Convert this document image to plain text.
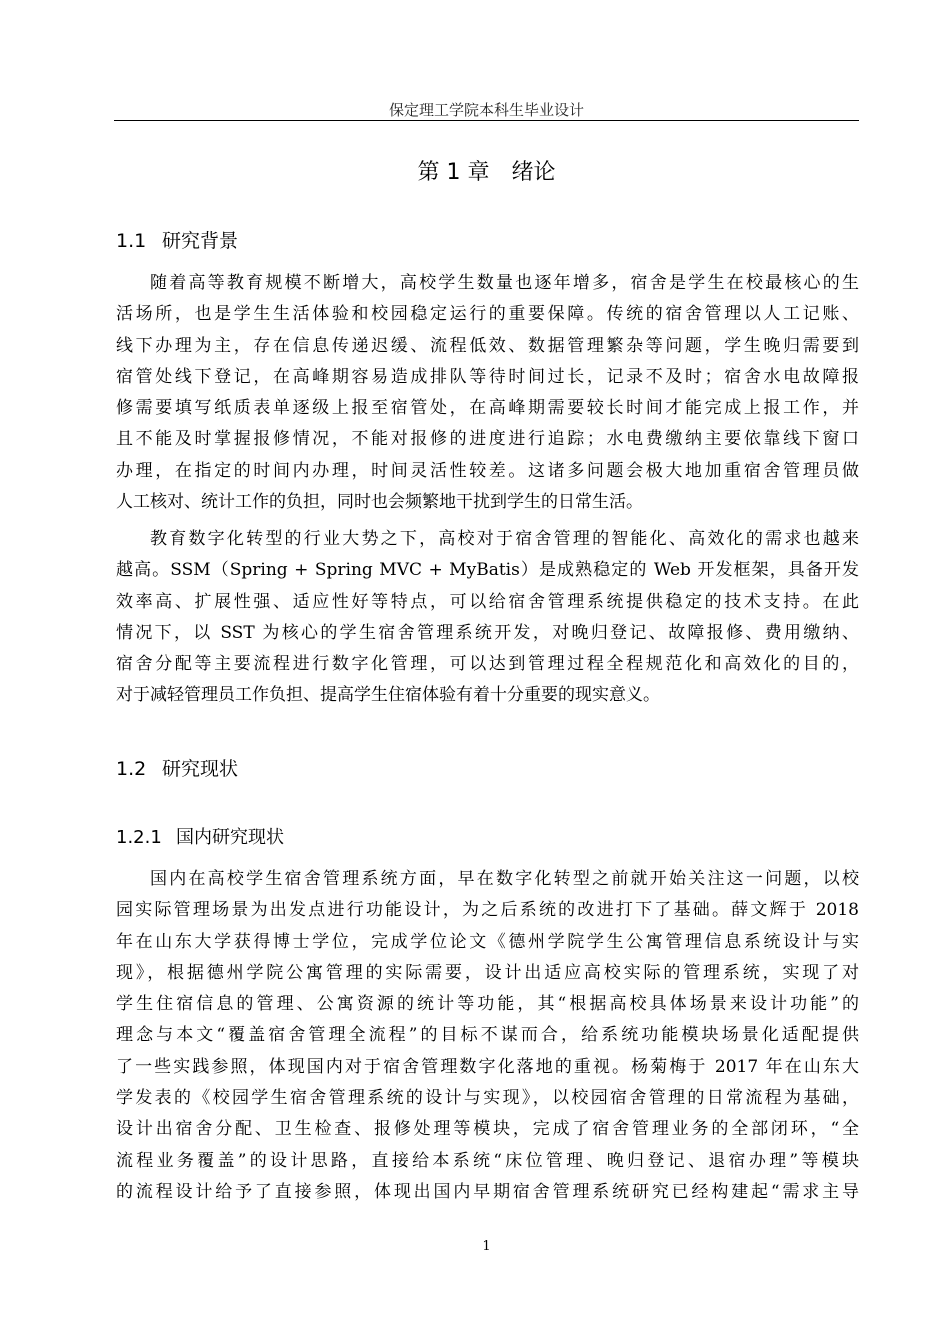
保定理工学院本科生毕业设计
第 1 章 绪论
1.1 研究背景
随着高等教育规模不断增大，高校学生数量也逐年增多，宿舍是学生在校最核心的生
活场所，也是学生生活体验和校园稳定运行的重要保障。传统的宿舍管理以人工记账、
线下办理为主，存在信息传递迟缓、流程低效、数据管理繁杂等问题，学生晚归需要到
宿管处线下登记，在高峰期容易造成排队等待时间过长，记录不及时；宿舍水电故障报
修需要填写纸质表单逐级上报至宿管处，在高峰期需要较长时间才能完成上报工作，并
且不能及时掌握报修情况，不能对报修的进度进行追踪；水电费缴纳主要依靠线下窗口
办理，在指定的时间内办理，时间灵活性较差。这诸多问题会极大地加重宿舍管理员做
人工核对、统计工作的负担，同时也会频繁地干扰到学生的日常生活。
教育数字化转型的行业大势之下，高校对于宿舍管理的智能化、高效化的需求也越来
越高。SSM（Spring + Spring MVC + MyBatis）是成熟稳定的 Web 开发框架，具备开发
效率高、扩展性强、适应性好等特点，可以给宿舍管理系统提供稳定的技术支持。在此
情况下，以 SST 为核心的学生宿舍管理系统开发，对晚归登记、故障报修、费用缴纳、
宿舍分配等主要流程进行数字化管理，可以达到管理过程全程规范化和高效化的目的，
对于减轻管理员工作负担、提高学生住宿体验有着十分重要的现实意义。
1.2 研究现状
1.2.1 国内研究现状
国内在高校学生宿舍管理系统方面，早在数字化转型之前就开始关注这一问题，以校
园实际管理场景为出发点进行功能设计，为之后系统的改进打下了基础。薛文辉于 2018
年在山东大学获得博士学位，完成学位论文《德州学院学生公寓管理信息系统设计与实
现》，根据德州学院公寓管理的实际需要，设计出适应高校实际的管理系统，实现了对
学生住宿信息的管理、公寓资源的统计等功能，其“根据高校具体场景来设计功能”的
理念与本文“覆盖宿舍管理全流程”的目标不谋而合，给系统功能模块场景化适配提供
了一些实践参照，体现国内对于宿舍管理数字化落地的重视。杨菊梅于 2017 年在山东大
学发表的《校园学生宿舍管理系统的设计与实现》，以校园宿舍管理的日常流程为基础，
设计出宿舍分配、卫生检查、报修处理等模块，完成了宿舍管理业务的全部闭环，“全
流程业务覆盖”的设计思路，直接给本系统“床位管理、晚归登记、退宿办理”等模块
的流程设计给予了直接参照，体现出国内早期宿舍管理系统研究已经构建起“需求主导
1
